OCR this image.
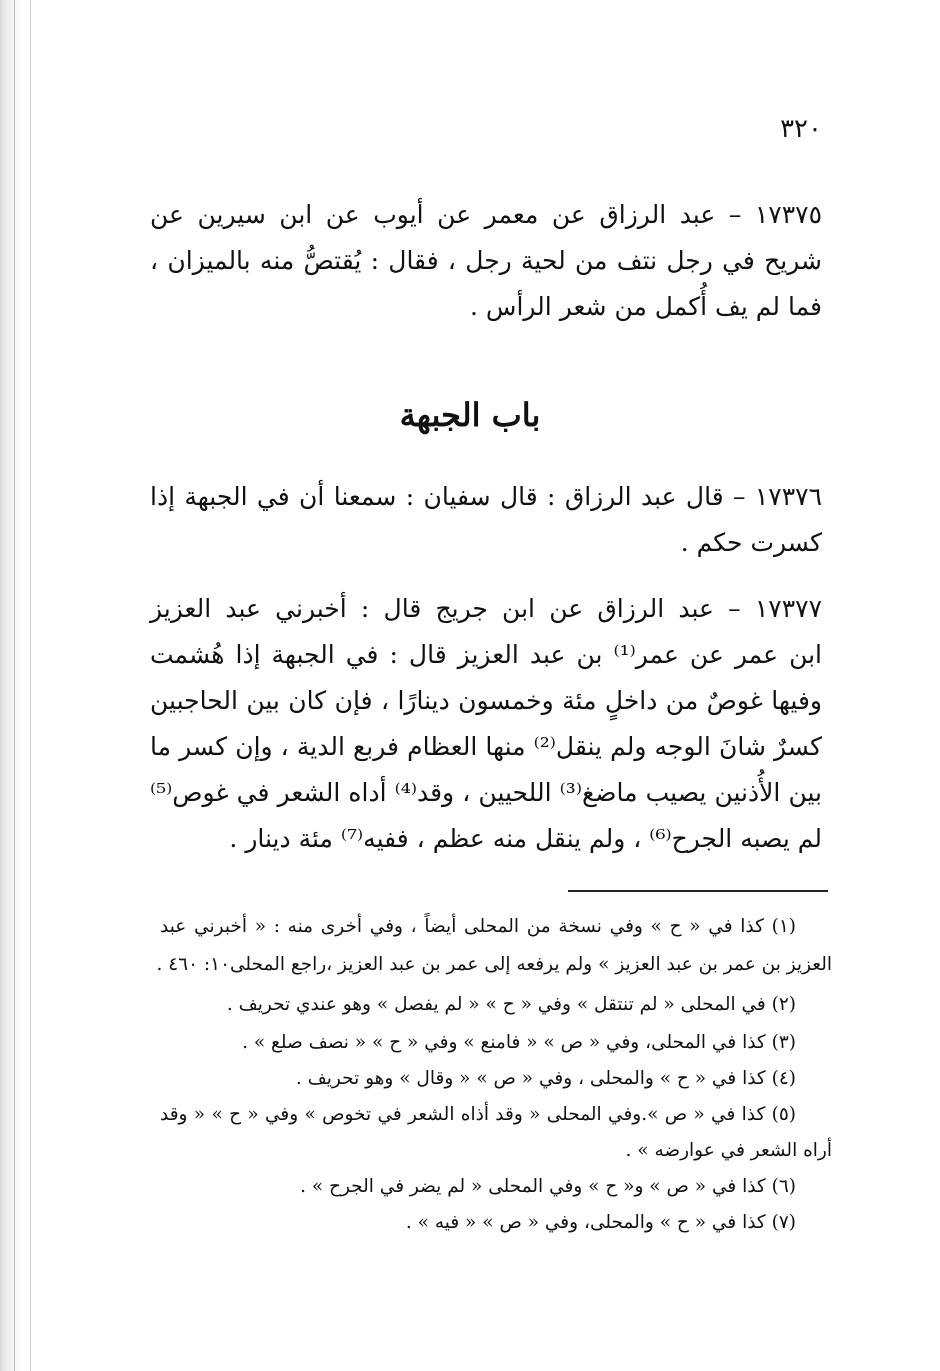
٣٢٠
١٧٣٧٥ – عبد الرزاق عن معمر عن أيوب عن ابن سيرين عن
شريح في رجل نتف من لحية رجل ، فقال : يُقتصُّ منه بالميزان ،
فما لم يف أُكمل من شعر الرأس .
باب الجبهة
١٧٣٧٦ – قال عبد الرزاق : قال سفيان : سمعنا أن في الجبهة إذا
كسرت حكم .
١٧٣٧٧ – عبد الرزاق عن ابن جريج قال : أخبرني عبد العزيز
ابن عمر عن عمر⁽¹⁾ بن عبد العزيز قال : في الجبهة إذا هُشمت
وفيها غوصٌ من داخلٍ مئة وخمسون دينارًا ، فإن كان بين الحاجبين
كسرٌ شانَ الوجه ولم ينقل⁽²⁾ منها العظام فربع الدية ، وإن كسر ما
بين الأُذنين يصيب ماضغ⁽³⁾ اللحيين ، وقد⁽⁴⁾ أداه الشعر في غوص⁽⁵⁾
لم يصبه الجرح⁽⁶⁾ ، ولم ينقل منه عظم ، ففيه⁽⁷⁾ مئة دينار .
(١) كذا في « ح » وفي نسخة من المحلى أيضاً ، وفي أخرى منه : « أخبرني عبد
العزيز بن عمر بن عبد العزيز » ولم يرفعه إلى عمر بن عبد العزيز ،راجع المحلى١٠: ٤٦٠ .
(٢) في المحلى « لم تنتقل » وفي « ح » « لم يفصل » وهو عندي تحريف .
(٣) كذا في المحلى، وفي « ص » « فامنع » وفي « ح » « نصف صلع » .
(٤) كذا في « ح » والمحلى ، وفي « ص » « وقال » وهو تحريف .
(٥) كذا في « ص ».وفي المحلى « وقد أذاه الشعر في تخوص » وفي « ح » « وقد
أراه الشعر في عوارضه » .
(٦) كذا في « ص » و« ح » وفي المحلى « لم يضر في الجرح » .
(٧) كذا في « ح » والمحلى، وفي « ص » « فيه » .
